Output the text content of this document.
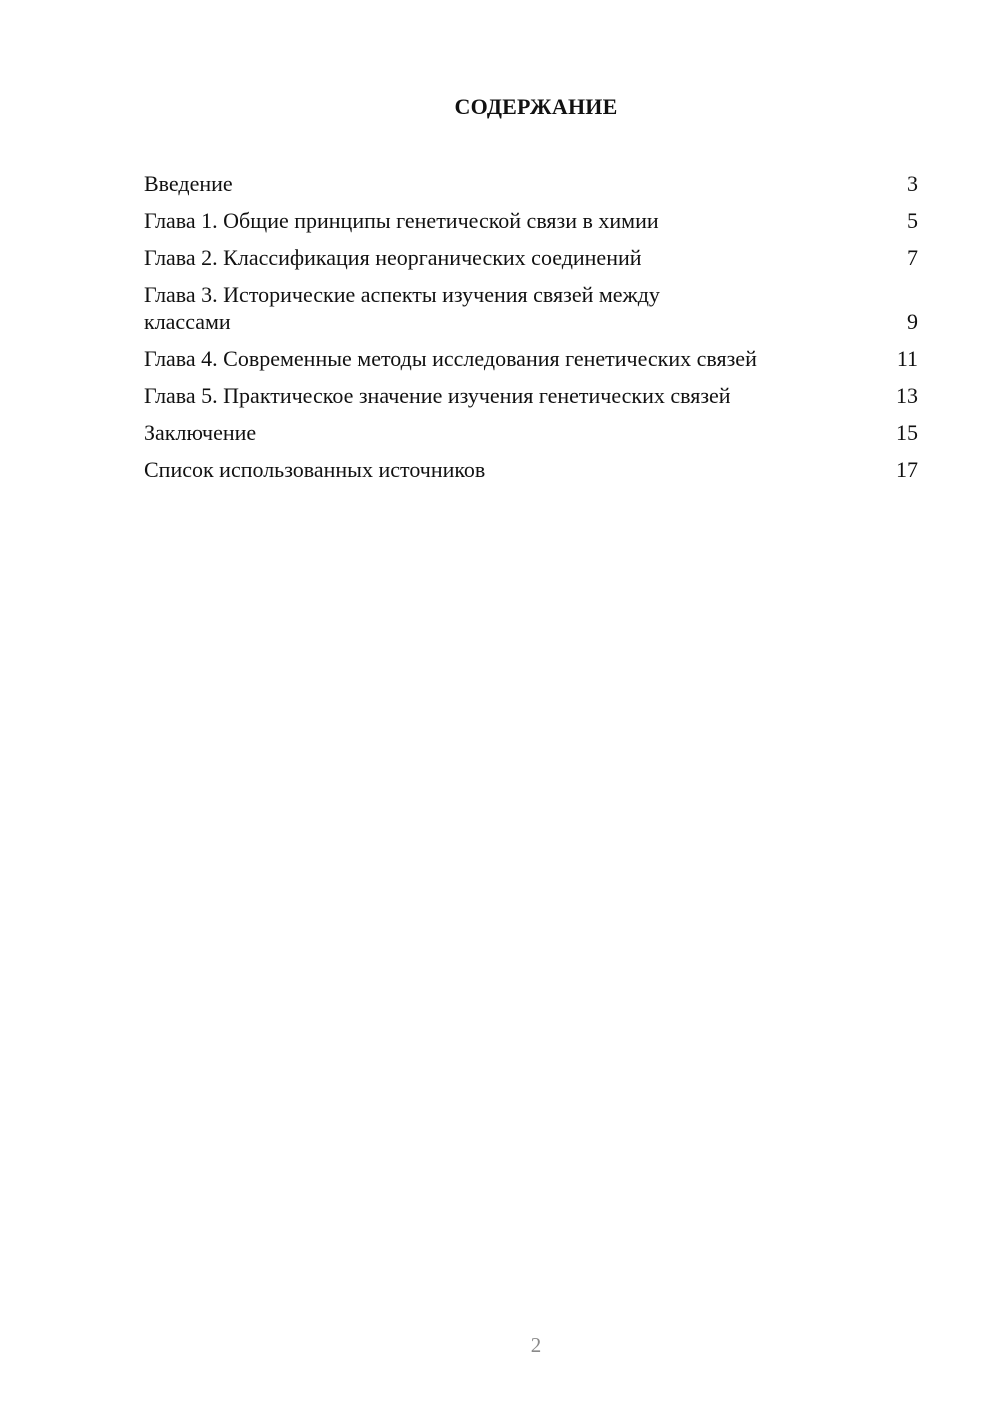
СОДЕРЖАНИЕ
Введение	3
Глава 1. Общие принципы генетической связи в химии	5
Глава 2. Классификация неорганических соединений	7
Глава 3. Исторические аспекты изучения связей между классами	9
Глава 4. Современные методы исследования генетических связей	11
Глава 5. Практическое значение изучения генетических связей	13
Заключение	15
Список использованных источников	17
2
